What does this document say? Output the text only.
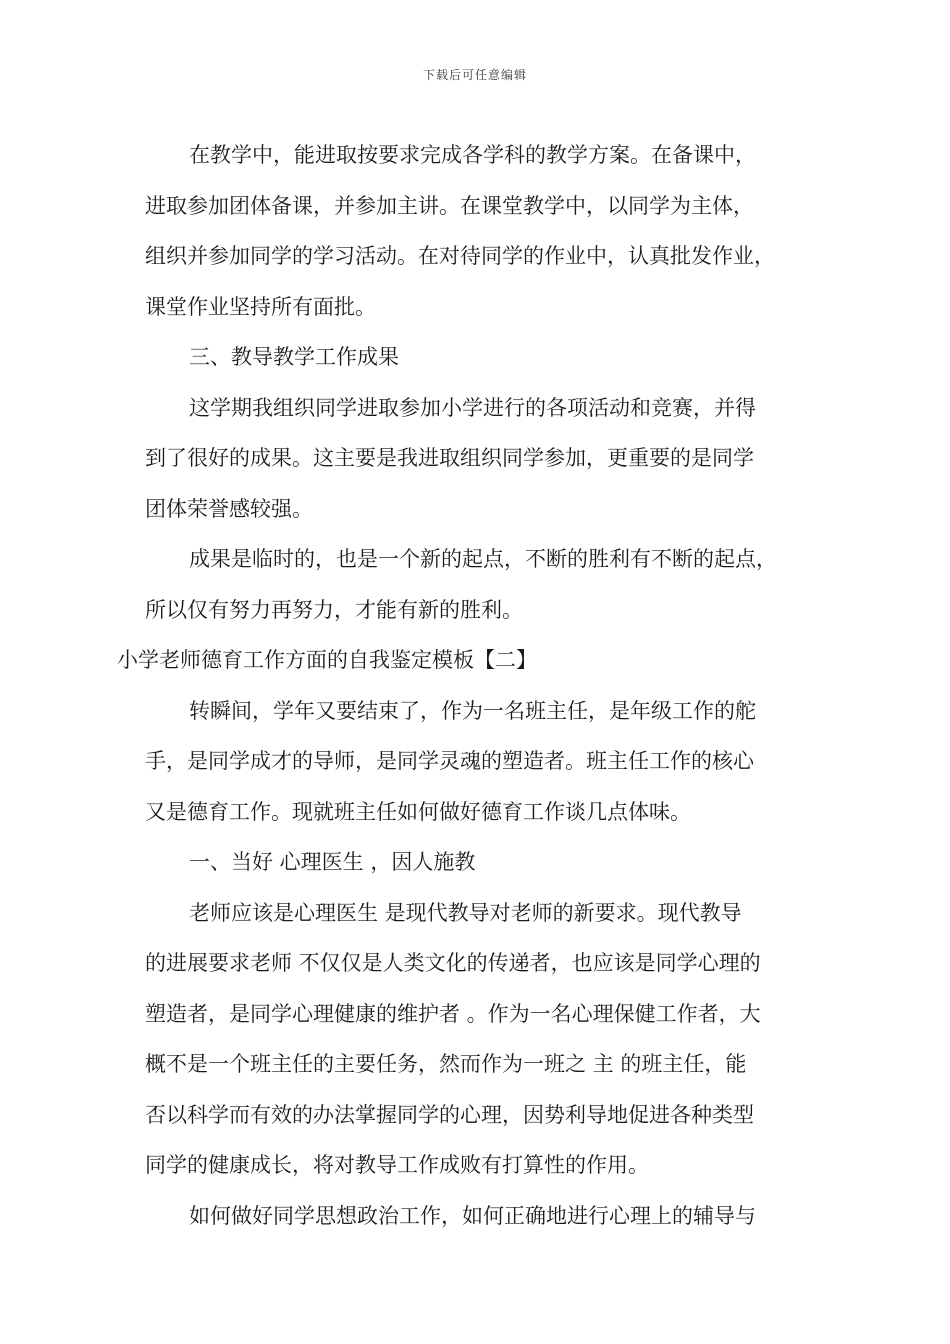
下载后可任意编辑
在教学中，能进取按要求完成各学科的教学方案。在备课中，
进取参加团体备课，并参加主讲。在课堂教学中，以同学为主体，
组织并参加同学的学习活动。在对待同学的作业中，认真批发作业，
课堂作业坚持所有面批。
三、教导教学工作成果
这学期我组织同学进取参加小学进行的各项活动和竞赛，并得
到了很好的成果。这主要是我进取组织同学参加，更重要的是同学
团体荣誉感较强。
成果是临时的，也是一个新的起点，不断的胜利有不断的起点，
所以仅有努力再努力，才能有新的胜利。
小学老师德育工作方面的自我鉴定模板【二】
转瞬间，学年又要结束了，作为一名班主任，是年级工作的舵
手，是同学成才的导师，是同学灵魂的塑造者。班主任工作的核心
又是德育工作。现就班主任如何做好德育工作谈几点体味。
一、当好 心理医生 ，因人施教
老师应该是心理医生 是现代教导对老师的新要求。现代教导
的进展要求老师 不仅仅是人类文化的传递者，也应该是同学心理的
塑造者，是同学心理健康的维护者 。作为一名心理保健工作者，大
概不是一个班主任的主要任务，然而作为一班之 主 的班主任，能
否以科学而有效的办法掌握同学的心理，因势利导地促进各种类型
同学的健康成长，将对教导工作成败有打算性的作用。
如何做好同学思想政治工作，如何正确地进行心理上的辅导与
